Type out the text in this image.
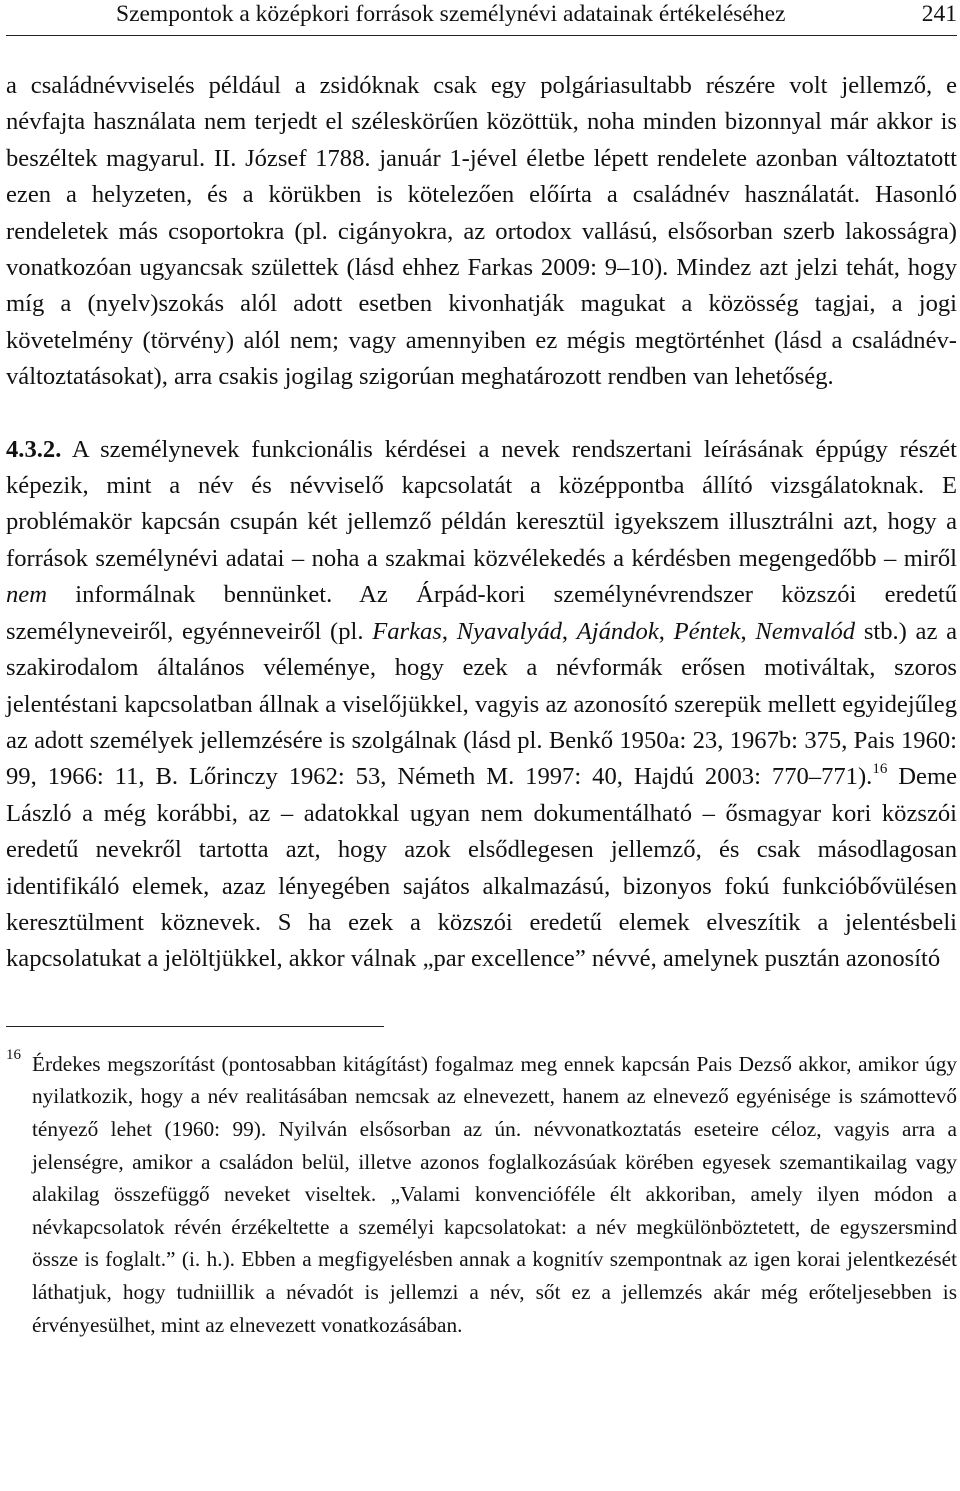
Szempontok a középkori források személynévi adatainak értékeléséhez	241

a családnévviselés például a zsidóknak csak egy polgáriasultabb részére volt jellemző, e névfajta használata nem terjedt el széleskörűen közöttük, noha minden bizonnyal már akkor is beszéltek magyarul. II. József 1788. január 1-jével életbe lépett rendelete azonban változtatott ezen a helyzeten, és a körükben is kötelezően előírta a családnév használatát. Hasonló rendeletek más csoportokra (pl. cigányokra, az ortodox vallású, elsősorban szerb lakosságra) vonatkozóan ugyancsak születtek (lásd ehhez Farkas 2009: 9–10). Mindez azt jelzi tehát, hogy míg a (nyelv)szokás alól adott esetben kivonhatják magukat a közösség tagjai, a jogi követelmény (törvény) alól nem; vagy amennyiben ez mégis megtörténhet (lásd a családnév-változtatásokat), arra csakis jogilag szigorúan meghatározott rendben van lehetőség.

4.3.2. A személynevek funkcionális kérdései a nevek rendszertani leírásának éppúgy részét képezik, mint a név és névviselő kapcsolatát a középpontba állító vizsgálatoknak. E problémakör kapcsán csupán két jellemző példán keresztül igyekszem illusztrálni azt, hogy a források személynévi adatai – noha a szakmai közvélekedés a kérdésben megengedőbb – miről nem informálnak bennünket. Az Árpád-kori személynévrendszer közszói eredetű személyneveiről, egyénneveiről (pl. Farkas, Nyavalyád, Ajándok, Péntek, Nemvalód stb.) az a szakirodalom általános véleménye, hogy ezek a névformák erősen motiváltak, szoros jelentéstani kapcsolatban állnak a viselőjükkel, vagyis az azonosító szerepük mellett egyidejűleg az adott személyek jellemzésére is szolgálnak (lásd pl. Benkő 1950a: 23, 1967b: 375, Pais 1960: 99, 1966: 11, B. Lőrinczy 1962: 53, Németh M. 1997: 40, Hajdú 2003: 770–771).$^{16}$ Deme László a még korábbi, az – adatokkal ugyan nem dokumentálható – ősmagyar kori közszói eredetű nevekről tartotta azt, hogy azok elsődlegesen jellemző, és csak másodlagosan identifikáló elemek, azaz lényegében sajátos alkalmazású, bizonyos fokú funkcióbővülésen keresztülment köznevek. S ha ezek a közszói eredetű elemek elveszítik a jelentésbeli kapcsolatukat a jelöltjükkel, akkor válnak „par excellence” névvé, amelynek pusztán azonosító

16 Érdekes megszorítást (pontosabban kitágítást) fogalmaz meg ennek kapcsán Pais Dezső akkor, amikor úgy nyilatkozik, hogy a név realitásában nemcsak az elnevezett, hanem az elnevező egyénisége is számottevő tényező lehet (1960: 99). Nyilván elsősorban az ún. névvonatkoztatás eseteire céloz, vagyis arra a jelenségre, amikor a családon belül, illetve azonos foglalkozásúak körében egyesek szemantikailag vagy alakilag összefüggő neveket viseltek. „Valami konvencióféle élt akkoriban, amely ilyen módon a névkapcsolatok révén érzékeltette a személyi kapcsolatokat: a név megkülönböztetett, de egyszersmind össze is foglalt.” (i. h.). Ebben a megfigyelésben annak a kognitív szempontnak az igen korai jelentkezését láthatjuk, hogy tudniillik a névadót is jellemzi a név, sőt ez a jellemzés akár még erőteljesebben is érvényesülhet, mint az elnevezett vonatkozásában.
